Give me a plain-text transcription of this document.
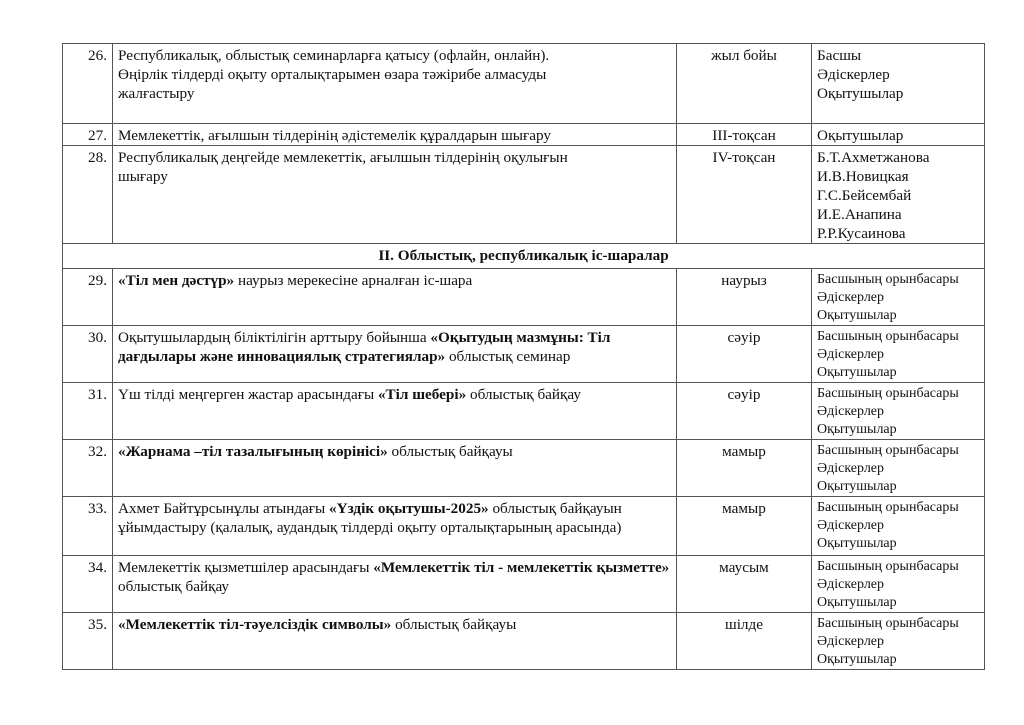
26.	Республикалық, облыстық семинарларға қатысу (офлайн, онлайн).
Өңірлік тілдерді оқыту орталықтарымен өзара тәжірибе алмасуды
жалғастыру	жыл бойы	Басшы
Әдіскерлер
Оқытушылар

27.	Мемлекеттік, ағылшын тілдерінің әдістемелік құралдарын шығару	ІІІ-тоқсан	Оқытушылар

28.	Республикалық деңгейде мемлекеттік, ағылшын тілдерінің оқулығын
шығару	IV-тоқсан	Б.Т.Ахметжанова
И.В.Новицкая
Г.С.Бейсембай
И.Е.Анапина
Р.Р.Кусаинова

ІІ. Облыстық, республикалық іс-шаралар			
29.	«Тіл мен дәстүр» наурыз мерекесіне арналған іс-шара	наурыз	Басшының орынбасары
Әдіскерлер
Оқытушылар

30.	Оқытушылардың біліктілігін арттыру бойынша «Оқытудың мазмұны: Тіл дағдылары және инновациялық стратегиялар» облыстық семинар	сәуір	Басшының орынбасары
Әдіскерлер
Оқытушылар

31.	Үш тілді меңгерген жастар арасындағы «Тіл шебері» облыстық байқау	сәуір	Басшының орынбасары
Әдіскерлер
Оқытушылар

32.	«Жарнама –тіл тазалығының көрінісі» облыстық байқауы	мамыр	Басшының орынбасары
Әдіскерлер
Оқытушылар

33.	Ахмет Байтұрсынұлы атындағы «Үздік оқытушы-2025» облыстық байқауын ұйымдастыру (қалалық, аудандық тілдерді оқыту орталықтарының арасында)	мамыр	Басшының орынбасары
Әдіскерлер
Оқытушылар

34.	Мемлекеттік қызметшілер арасындағы «Мемлекеттік тіл - мемлекеттік қызметте» облыстық байқау	маусым	Басшының орынбасары
Әдіскерлер
Оқытушылар

35.	«Мемлекеттік тіл-тәуелсіздік символы» облыстық байқауы	шілде	Басшының орынбасары
Әдіскерлер
Оқытушылар
